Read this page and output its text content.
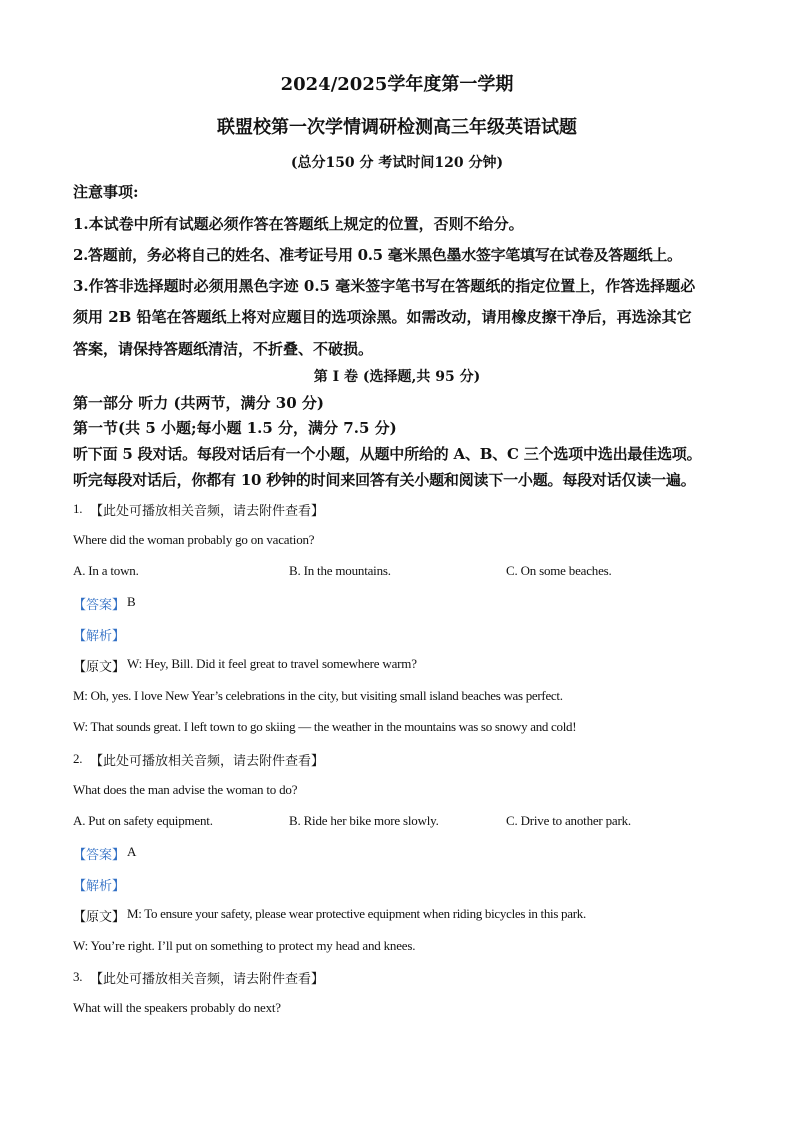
2024/2025学年度第一学期
联盟校第一次学情调研检测高三年级英语试题
(总分150 分 考试时间120 分钟)
注意事项:
1.本试卷中所有试题必须作答在答题纸上规定的位置，否则不给分。
2.答题前，务必将自己的姓名、准考证号用 0.5 毫米黑色墨水签字笔填写在试卷及答题纸上。
3.作答非选择题时必须用黑色字迹 0.5 毫米签字笔书写在答题纸的指定位置上，作答选择题必
须用 2B 铅笔在答题纸上将对应题目的选项涂黑。如需改动，请用橡皮擦干净后，再选涂其它
答案，请保持答题纸清洁，不折叠、不破损。
第 I 卷 (选择题,共 95 分)
第一部分 听力 (共两节，满分 30 分)
第一节(共 5 小题;每小题 1.5 分，满分 7.5 分)
听下面 5 段对话。每段对话后有一个小题，从题中所给的 A、B、C 三个选项中选出最佳选项。
听完每段对话后，你都有 10 秒钟的时间来回答有关小题和阅读下一小题。每段对话仅读一遍。
1. 【此处可播放相关音频，请去附件查看】
Where did the woman probably go on vacation?
A. In a town.	B. In the mountains.	C. On some beaches.
【答案】 B
【解析】
【原文】 W: Hey, Bill. Did it feel great to travel somewhere warm?
M: Oh, yes. I love New Year’s celebrations in the city, but visiting small island beaches was perfect.
W: That sounds great. I left town to go skiing — the weather in the mountains was so snowy and cold!
2. 【此处可播放相关音频，请去附件查看】
What does the man advise the woman to do?
A. Put on safety equipment.	B. Ride her bike more slowly.	C. Drive to another park.
【答案】 A
【解析】
【原文】 M: To ensure your safety, please wear protective equipment when riding bicycles in this park.
W: You’re right. I’ll put on something to protect my head and knees.
3. 【此处可播放相关音频，请去附件查看】
What will the speakers probably do next?
